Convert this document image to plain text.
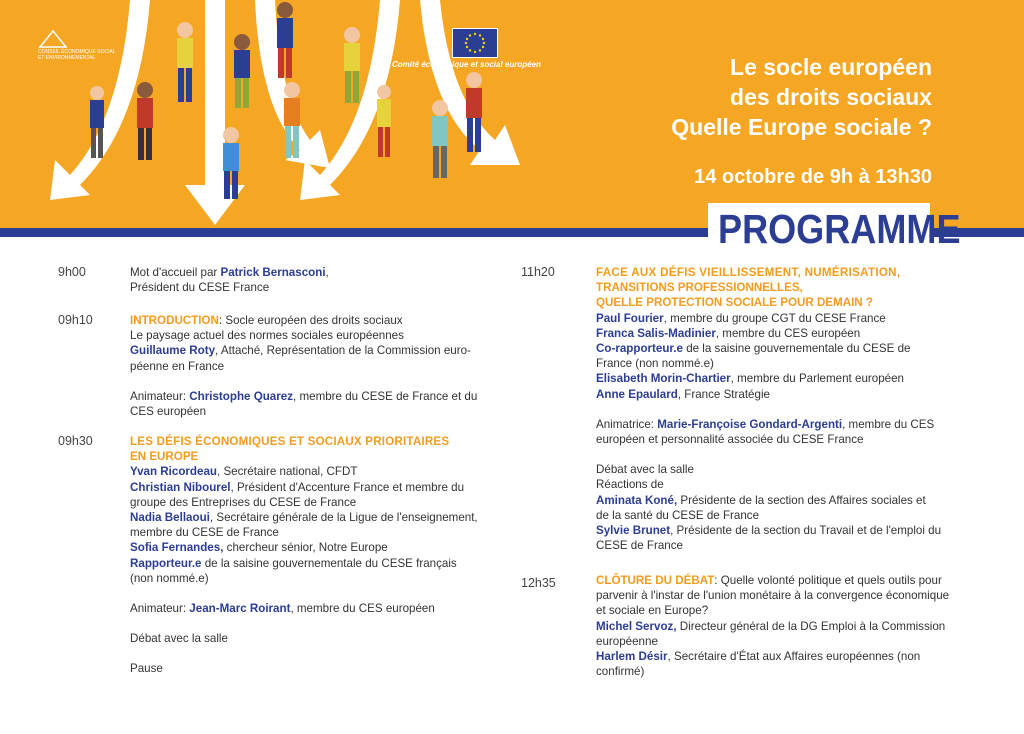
CONSEIL ÉCONOMIQUE SOCIAL ET ENVIRONNEMENTAL
Comité économique et social européen	Le socle européen
des droits sociaux
Quelle Europe sociale ?
14 octobre de 9h à 13h30
PROGRAMME
9h00	Mot d'accueil par Patrick Bernasconi,

Président du CESE France

09h10	INTRODUCTION: Socle européen des droits sociaux

Le paysage actuel des normes sociales européennes

Guillaume Roty, Attaché, Représentation de la Commission euro-

péenne en France

Animateur: Christophe Quarez, membre du CESE de France et du

CES européen

09h30	LES DÉFIS ÉCONOMIQUES ET SOCIAUX PRIORITAIRES

EN EUROPE

Yvan Ricordeau, Secrétaire national, CFDT

Christian Nibourel, Président d'Accenture France et membre du

groupe des Entreprises du CESE de France

Nadia Bellaoui, Secrétaire générale de la Ligue de l'enseignement,

membre du CESE de France

Sofia Fernandes, chercheur sénior, Notre Europe

Rapporteur.e de la saisine gouvernementale du CESE français

(non nommé.e)

Animateur: Jean-Marc Roirant, membre du CES européen

Débat avec la salle

Pause

11h20	FACE AUX DÉFIS VIEILLISSEMENT, NUMÉRISATION,

TRANSITIONS PROFESSIONNELLES,

QUELLE PROTECTION SOCIALE POUR DEMAIN ?

Paul Fourier, membre du groupe CGT du CESE France

Franca Salis-Madinier, membre du CES européen

Co-rapporteur.e de la saisine gouvernementale du CESE de

France (non nommé.e)

Elisabeth Morin-Chartier, membre du Parlement européen

Anne Epaulard, France Stratégie

Animatrice: Marie-Françoise Gondard-Argenti, membre du CES

européen et personnalité associée du CESE France

Débat avec la salle

Réactions de

Aminata Koné, Présidente de la section des Affaires sociales et

de la santé du CESE de France

Sylvie Brunet, Présidente de la section du Travail et de l'emploi du

CESE de France

12h35	CLÔTURE DU DÉBAT: Quelle volonté politique et quels outils pour

parvenir à l'instar de l'union monétaire à la convergence économique

et sociale en Europe?

Michel Servoz, Directeur général de la DG Emploi à la Commission

européenne

Harlem Désir, Secrétaire d'État aux Affaires européennes (non

confirmé)
